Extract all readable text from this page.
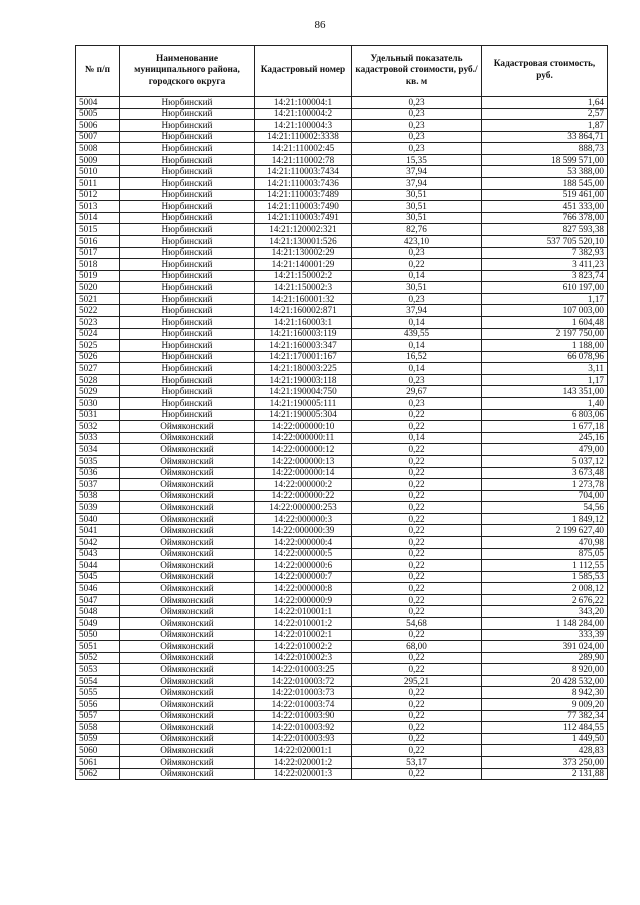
86
№ п/п	Наименование муниципального района, городского округа	Кадастровый номер	Удельный показатель кадастровой стоимости, руб./кв. м	Кадастровая стоимость, руб.
5004	Нюрбинский	14:21:100004:1	0,23	1,64
5005	Нюрбинский	14:21:100004:2	0,23	2,57
5006	Нюрбинский	14:21:100004:3	0,23	1,87
5007	Нюрбинский	14:21:110002:3338	0,23	33 864,71
5008	Нюрбинский	14:21:110002:45	0,23	888,73
5009	Нюрбинский	14:21:110002:78	15,35	18 599 571,00
5010	Нюрбинский	14:21:110003:7434	37,94	53 388,00
5011	Нюрбинский	14:21:110003:7436	37,94	188 545,00
5012	Нюрбинский	14:21:110003:7489	30,51	519 461,00
5013	Нюрбинский	14:21:110003:7490	30,51	451 333,00
5014	Нюрбинский	14:21:110003:7491	30,51	766 378,00
5015	Нюрбинский	14:21:120002:321	82,76	827 593,38
5016	Нюрбинский	14:21:130001:526	423,10	537 705 520,10
5017	Нюрбинский	14:21:130002:29	0,23	7 382,93
5018	Нюрбинский	14:21:140001:29	0,22	3 411,23
5019	Нюрбинский	14:21:150002:2	0,14	3 823,74
5020	Нюрбинский	14:21:150002:3	30,51	610 197,00
5021	Нюрбинский	14:21:160001:32	0,23	1,17
5022	Нюрбинский	14:21:160002:871	37,94	107 003,00
5023	Нюрбинский	14:21:160003:1	0,14	1 604,48
5024	Нюрбинский	14:21:160003:119	439,55	2 197 750,00
5025	Нюрбинский	14:21:160003:347	0,14	1 188,00
5026	Нюрбинский	14:21:170001:167	16,52	66 078,96
5027	Нюрбинский	14:21:180003:225	0,14	3,11
5028	Нюрбинский	14:21:190003:118	0,23	1,17
5029	Нюрбинский	14:21:190004:750	29,67	143 351,00
5030	Нюрбинский	14:21:190005:111	0,23	1,40
5031	Нюрбинский	14:21:190005:304	0,22	6 803,06
5032	Оймяконский	14:22:000000:10	0,22	1 677,18
5033	Оймяконский	14:22:000000:11	0,14	245,16
5034	Оймяконский	14:22:000000:12	0,22	479,00
5035	Оймяконский	14:22:000000:13	0,22	5 037,12
5036	Оймяконский	14:22:000000:14	0,22	3 673,48
5037	Оймяконский	14:22:000000:2	0,22	1 273,78
5038	Оймяконский	14:22:000000:22	0,22	704,00
5039	Оймяконский	14:22:000000:253	0,22	54,56
5040	Оймяконский	14:22:000000:3	0,22	1 849,12
5041	Оймяконский	14:22:000000:39	0,22	2 199 627,40
5042	Оймяконский	14:22:000000:4	0,22	470,98
5043	Оймяконский	14:22:000000:5	0,22	875,05
5044	Оймяконский	14:22:000000:6	0,22	1 112,55
5045	Оймяконский	14:22:000000:7	0,22	1 585,53
5046	Оймяконский	14:22:000000:8	0,22	2 008,12
5047	Оймяконский	14:22:000000:9	0,22	2 676,22
5048	Оймяконский	14:22:010001:1	0,22	343,20
5049	Оймяконский	14:22:010001:2	54,68	1 148 284,00
5050	Оймяконский	14:22:010002:1	0,22	333,39
5051	Оймяконский	14:22:010002:2	68,00	391 024,00
5052	Оймяконский	14:22:010002:3	0,22	289,90
5053	Оймяконский	14:22:010003:25	0,22	8 920,00
5054	Оймяконский	14:22:010003:72	295,21	20 428 532,00
5055	Оймяконский	14:22:010003:73	0,22	8 942,30
5056	Оймяконский	14:22:010003:74	0,22	9 009,20
5057	Оймяконский	14:22:010003:90	0,22	77 382,34
5058	Оймяконский	14:22:010003:92	0,22	112 484,55
5059	Оймяконский	14:22:010003:93	0,22	1 449,50
5060	Оймяконский	14:22:020001:1	0,22	428,83
5061	Оймяконский	14:22:020001:2	53,17	373 250,00
5062	Оймяконский	14:22:020001:3	0,22	2 131,88
